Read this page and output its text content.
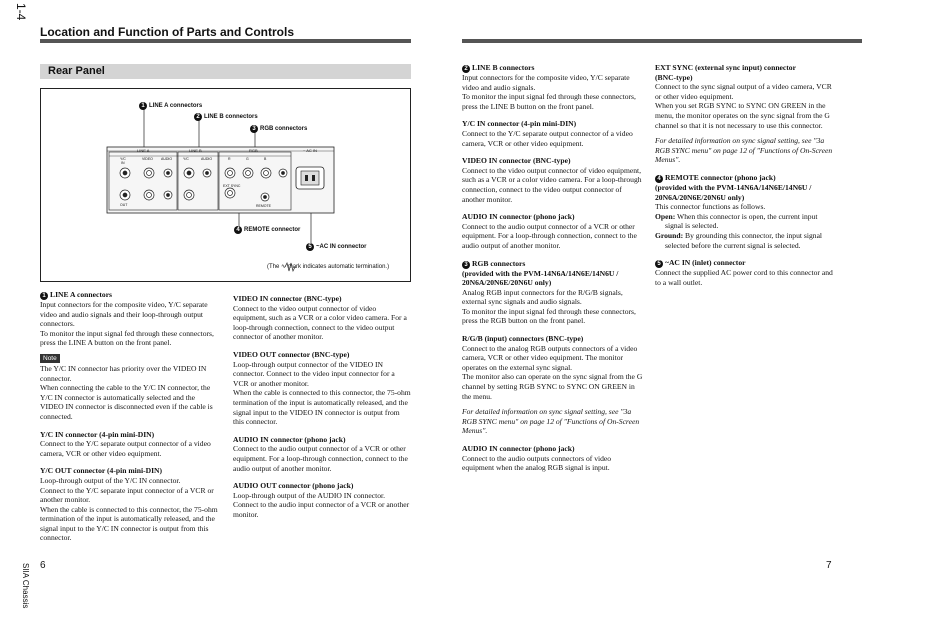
1-4
Location and Function of Parts and Controls
Rear Panel
1 LINE A connectors
2 LINE B connectors
3 RGB connectors
4 REMOTE connector
5 ~AC IN connector
LINE A	LINE B	RGB	~ AC IN
Y/C	VIDEO AUDIO
IN
OUT
Y/C	AUDIO	R	G	B
EXT SYNC
REMOTE
(The ∿ mark indicates automatic termination.)

1 LINE A connectors

Input connectors for the composite video, Y/C separate video and audio signals and their loop-through output connectors.

To monitor the input signal fed through these connectors, press the LINE A button on the front panel.

Note

The Y/C IN connector has priority over the VIDEO IN connector.

When connecting the cable to the Y/C IN connector, the Y/C IN connector is automatically selected and the VIDEO IN connector is disconnected even if the cable is connected.

Y/C IN connector (4-pin mini-DIN)

Connect to the Y/C separate output connector of a video camera, VCR or other video equipment.

Y/C OUT connector (4-pin mini-DIN)

Loop-through output of the Y/C IN connector.

Connect to the Y/C separate input connector of a VCR or another monitor.

When the cable is connected to this connector, the 75-ohm termination of the input is automatically released, and the signal input to the Y/C IN connector is output from this connector.

VIDEO IN connector (BNC-type)

Connect to the video output connector of video equipment, such as a VCR or a color video camera. For a loop-through connection, connect to the video output connector of another monitor.

VIDEO OUT connector (BNC-type)

Loop-through output connector of the VIDEO IN connector. Connect to the video input connector for a VCR or another monitor.

When the cable is connected to this connector, the 75-ohm termination of the input is automatically released, and the signal input to the VIDEO IN connector is output from this connector.

AUDIO IN connector (phono jack)

Connect to the audio output connector of a VCR or other equipment. For a loop-through connection, connect to the audio output of another monitor.

AUDIO OUT connector (phono jack)

Loop-through output of the AUDIO IN connector. Connect to the audio input connector of a VCR or another monitor.

2 LINE B connectors

Input connectors for the composite video, Y/C separate video and audio signals.

To monitor the input signal fed through these connectors, press the LINE B button on the front panel.

Y/C IN connector (4-pin mini-DIN)

Connect to the Y/C separate output connector of a video camera, VCR or other video equipment.

VIDEO IN connector (BNC-type)

Connect to the video output connector of video equipment, such as a VCR or a color video camera. For a loop-through connection, connect to the video output connector of another monitor.

AUDIO IN connector (phono jack)

Connect to the audio output connector of a VCR or other equipment. For a loop-through connection, connect to the audio output of another monitor.

3 RGB connectors

(provided with the PVM-14N6A/14N6E/14N6U / 20N6A/20N6E/20N6U only)

Analog RGB input connectors for the R/G/B signals, external sync signals and audio signals.

To monitor the input signal fed through these connectors, press the RGB button on the front panel.

R/G/B (input) connectors (BNC-type)

Connect to the analog RGB outputs connectors of a video camera, VCR or other video equipment. The monitor operates on the external sync signal.

The monitor also can operate on the sync signal from the G channel by setting RGB SYNC to SYNC ON GREEN in the menu.

For detailed information on sync signal setting, see "3a RGB SYNC menu" on page 12 of "Functions of On-Screen Menus".

AUDIO IN connector (phono jack)

Connect to the audio outputs connectors of video equipment when the analog RGB signal is input.

EXT SYNC (external sync input) connector

(BNC-type)

Connect to the sync signal output of a video camera, VCR or other video equipment.

When you set RGB SYNC to SYNC ON GREEN in the menu, the monitor operates on the sync signal from the G channel so that it is not necessary to use this connector.

For detailed information on sync signal setting, see "3a RGB SYNC menu" on page 12 of "Functions of On-Screen Menus".

4 REMOTE connector (phono jack)

(provided with the PVM-14N6A/14N6E/14N6U / 20N6A/20N6E/20N6U only)

This connector functions as follows.

Open: When this connector is open, the current input signal is selected.

Ground: By grounding this connector, the input signal selected before the current signal is selected.

5 ~AC IN (inlet) connector

Connect the supplied AC power cord to this connector and to a wall outlet.

6	7
SIIA Chassis
